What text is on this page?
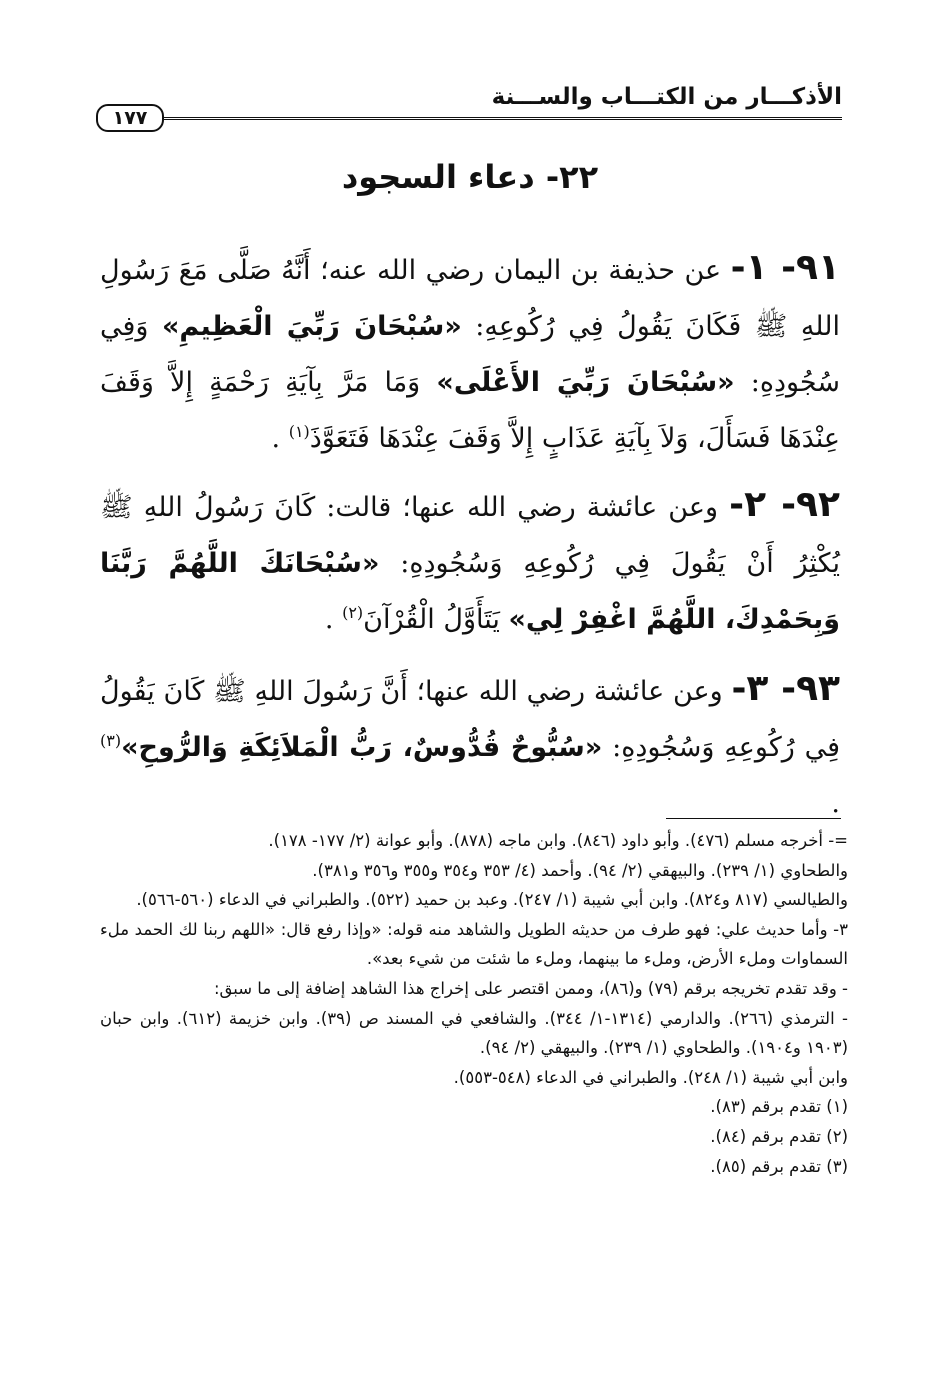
الأذكـــار من الكتـــاب والســـنة
١٧٧
٢٢- دعاء السجود
٩١- ١- عن حذيفة بن اليمان رضي الله عنه؛ أَنَّهُ صَلَّى مَعَ رَسُولِ اللهِ ﷺ فَكَانَ يَقُولُ فِي رُكُوعِهِ: «سُبْحَانَ رَبِّيَ الْعَظِيمِ» وَفِي سُجُودِهِ: «سُبْحَانَ رَبِّيَ الأَعْلَى» وَمَا مَرَّ بِآيَةِ رَحْمَةٍ إِلاَّ وَقَفَ عِنْدَهَا فَسَأَلَ، وَلاَ بِآيَةِ عَذَابٍ إِلاَّ وَقَفَ عِنْدَهَا فَتَعَوَّذَ$^{(١)}$ .
٩٢- ٢- وعن عائشة رضي الله عنها؛ قالت: كَانَ رَسُولُ اللهِ ﷺ يُكْثِرُ أَنْ يَقُولَ فِي رُكُوعِهِ وَسُجُودِهِ: «سُبْحَانَكَ اللَّهُمَّ رَبَّنَا وَبِحَمْدِكَ، اللَّهُمَّ اغْفِرْ لِي» يَتَأَوَّلُ الْقُرْآنَ$^{(٢)}$ .
٩٣- ٣- وعن عائشة رضي الله عنها؛ أَنَّ رَسُولَ اللهِ ﷺ كَانَ يَقُولُ فِي رُكُوعِهِ وَسُجُودِهِ: «سُبُّوحٌ قُدُّوسٌ، رَبُّ الْمَلاَئِكَةِ وَالرُّوحِ»$^{(٣)}$ .

=- أخرجه مسلم (٤٧٦). وأبو داود (٨٤٦). وابن ماجه (٨٧٨). وأبو عوانة (٢/ ١٧٧- ١٧٨).

والطحاوي (١/ ٢٣٩). والبيهقي (٢/ ٩٤). وأحمد (٤/ ٣٥٣ و٣٥٤ و٣٥٥ و٣٥٦ و٣٨١).

والطيالسي (٨١٧ و٨٢٤). وابن أبي شيبة (١/ ٢٤٧). وعبد بن حميد (٥٢٢). والطبراني في الدعاء (٥٦٠-٥٦٦).

٣- وأما حديث علي: فهو طرف من حديثه الطويل والشاهد منه قوله: «وإذا رفع قال: «اللهم ربنا لك الحمد ملء السماوات وملء الأرض، وملء ما بينهما، وملء ما شئت من شيء بعد».

- وقد تقدم تخريجه برقم (٧٩) و(٨٦)، وممن اقتصر على إخراج هذا الشاهد إضافة إلى ما سبق:

- الترمذي (٢٦٦). والدارمي (١٣١٤-١/ ٣٤٤). والشافعي في المسند ص (٣٩). وابن خزيمة (٦١٢). وابن حبان (١٩٠٣ و١٩٠٤). والطحاوي (١/ ٢٣٩). والبيهقي (٢/ ٩٤).

وابن أبي شيبة (١/ ٢٤٨). والطبراني في الدعاء (٥٤٨-٥٥٣).

(١) تقدم برقم (٨٣).

(٢) تقدم برقم (٨٤).

(٣) تقدم برقم (٨٥).
